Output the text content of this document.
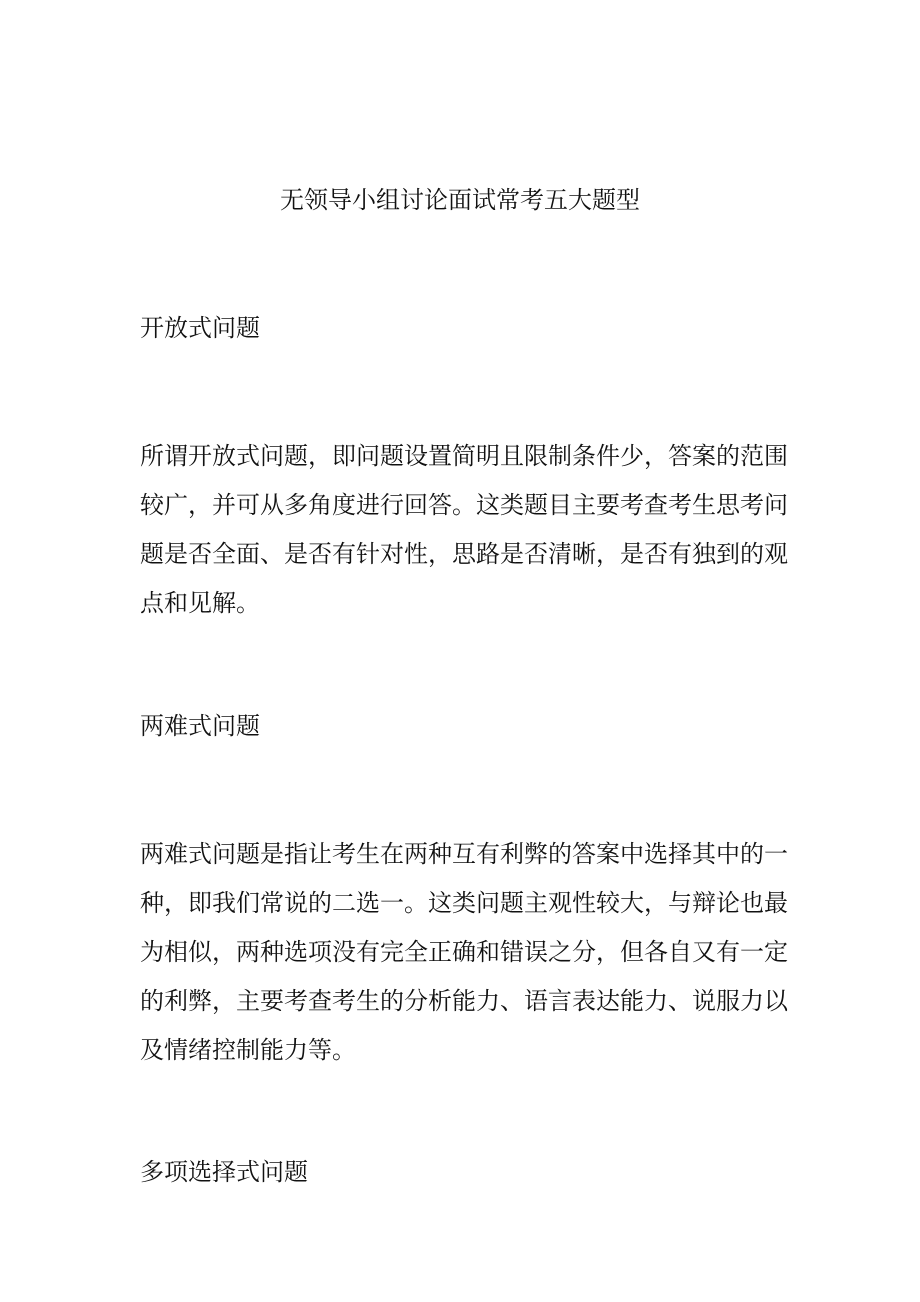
无领导小组讨论面试常考五大题型
开放式问题

所谓开放式问题，即问题设置简明且限制条件少，答案的范围较广，并可从多角度进行回答。这类题目主要考查考生思考问题是否全面、是否有针对性，思路是否清晰，是否有独到的观点和见解。

两难式问题

两难式问题是指让考生在两种互有利弊的答案中选择其中的一种，即我们常说的二选一。这类问题主观性较大，与辩论也最为相似，两种选项没有完全正确和错误之分，但各自又有一定的利弊，主要考查考生的分析能力、语言表达能力、说服力以及情绪控制能力等。

多项选择式问题
